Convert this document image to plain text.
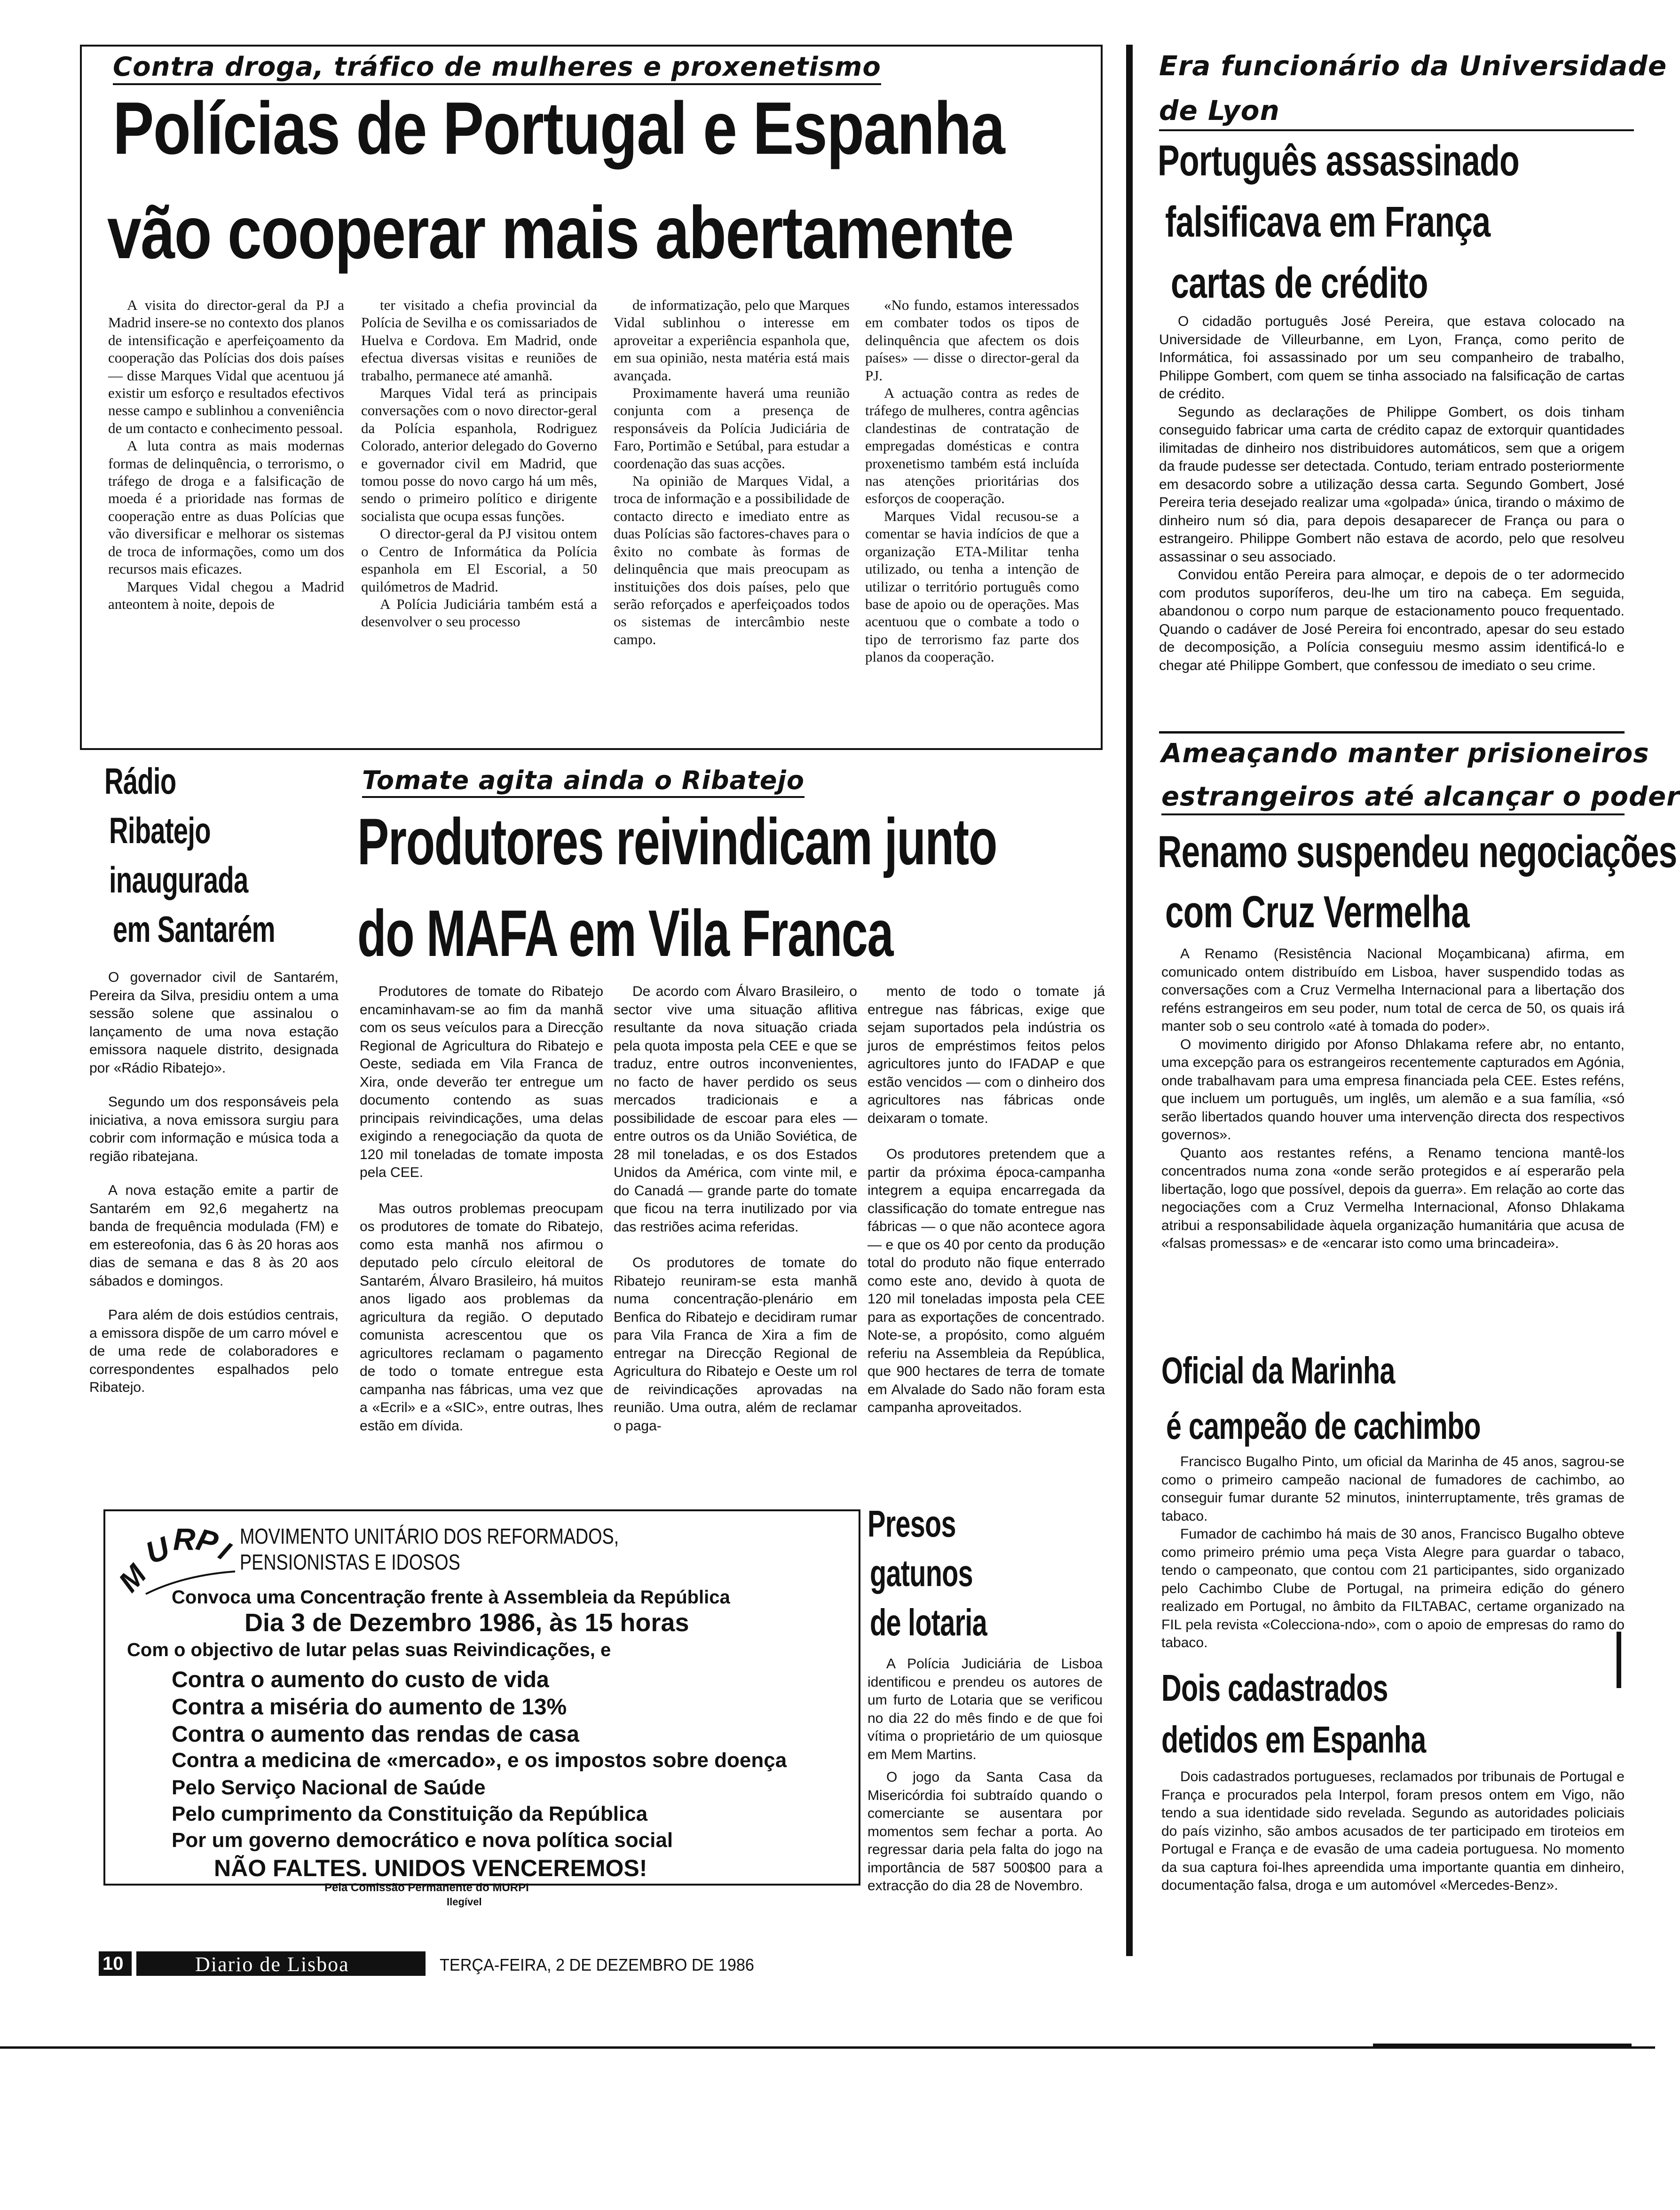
Contra droga, tráfico de mulheres e proxenetismo
Polícias de Portugal e Espanha
vão cooperar mais abertamente

A visita do director-geral da PJ a Madrid insere-se no contexto dos planos de intensificação e aperfeiçoamento da cooperação das Polícias dos dois países — disse Marques Vidal que acentuou já existir um esforço e resultados efectivos nesse campo e sublinhou a conveniência de um contacto e conhecimento pessoal.

A luta contra as mais modernas formas de delinquência, o terrorismo, o tráfego de droga e a falsificação de moeda é a prioridade nas formas de cooperação entre as duas Polícias que vão diversificar e melhorar os sistemas de troca de informações, como um dos recursos mais eficazes.

Marques Vidal chegou a Madrid anteontem à noite, depois de

ter visitado a chefia provincial da Polícia de Sevilha e os comissariados de Huelva e Cordova. Em Madrid, onde efectua diversas visitas e reuniões de trabalho, permanece até amanhã.

Marques Vidal terá as principais conversações com o novo director-geral da Polícia espanhola, Rodriguez Colorado, anterior delegado do Governo e governador civil em Madrid, que tomou posse do novo cargo há um mês, sendo o primeiro político e dirigente socialista que ocupa essas funções.

O director-geral da PJ visitou ontem o Centro de Informática da Polícia espanhola em El Escorial, a 50 quilómetros de Madrid.

A Polícia Judiciária também está a desenvolver o seu processo

de informatização, pelo que Marques Vidal sublinhou o interesse em aproveitar a experiência espanhola que, em sua opinião, nesta matéria está mais avançada.

Proximamente haverá uma reunião conjunta com a presença de responsáveis da Polícia Judiciária de Faro, Portimão e Setúbal, para estudar a coordenação das suas acções.

Na opinião de Marques Vidal, a troca de informação e a possibilidade de contacto directo e imediato entre as duas Polícias são factores-chaves para o êxito no combate às formas de delinquência que mais preocupam as instituições dos dois países, pelo que serão reforçados e aperfeiçoados todos os sistemas de intercâmbio neste campo.

«No fundo, estamos interessados em combater todos os tipos de delinquência que afectem os dois países» — disse o director-geral da PJ.

A actuação contra as redes de tráfego de mulheres, contra agências clandestinas de contratação de empregadas domésticas e contra proxenetismo também está incluída nas atenções prioritárias dos esforços de cooperação.

Marques Vidal recusou-se a comentar se havia indícios de que a organização ETA-Militar tenha utilizado, ou tenha a intenção de utilizar o território português como base de apoio ou de operações. Mas acentuou que o combate a todo o tipo de terrorismo faz parte dos planos da cooperação.

Era funcionário da Universidade
de Lyon
Português assassinado
falsificava em França
cartas de crédito

O cidadão português José Pereira, que estava colocado na Universidade de Villeurbanne, em Lyon, França, como perito de Informática, foi assassinado por um seu companheiro de trabalho, Philippe Gombert, com quem se tinha associado na falsificação de cartas de crédito.

Segundo as declarações de Philippe Gombert, os dois tinham conseguido fabricar uma carta de crédito capaz de extorquir quantidades ilimitadas de dinheiro nos distribuidores automáticos, sem que a origem da fraude pudesse ser detectada. Contudo, teriam entrado posteriormente em desacordo sobre a utilização dessa carta. Segundo Gombert, José Pereira teria desejado realizar uma «golpada» única, tirando o máximo de dinheiro num só dia, para depois desaparecer de França ou para o estrangeiro. Philippe Gombert não estava de acordo, pelo que resolveu assassinar o seu associado.

Convidou então Pereira para almoçar, e depois de o ter adormecido com produtos suporíferos, deu-lhe um tiro na cabeça. Em seguida, abandonou o corpo num parque de estacionamento pouco frequentado. Quando o cadáver de José Pereira foi encontrado, apesar do seu estado de decomposição, a Polícia conseguiu mesmo assim identificá-lo e chegar até Philippe Gombert, que confessou de imediato o seu crime.

Ameaçando manter prisioneiros
estrangeiros até alcançar o poder
Renamo suspendeu negociações
com Cruz Vermelha

A Renamo (Resistência Nacional Moçambicana) afirma, em comunicado ontem distribuído em Lisboa, haver suspendido todas as conversações com a Cruz Vermelha Internacional para a libertação dos reféns estrangeiros em seu poder, num total de cerca de 50, os quais irá manter sob o seu controlo «até à tomada do poder».

O movimento dirigido por Afonso Dhlakama refere abr, no entanto, uma excepção para os estrangeiros recentemente capturados em Agónia, onde trabalhavam para uma empresa financiada pela CEE. Estes reféns, que incluem um português, um inglês, um alemão e a sua família, «só serão libertados quando houver uma intervenção directa dos respectivos governos».

Quanto aos restantes reféns, a Renamo tenciona mantê-los concentrados numa zona «onde serão protegidos e aí esperarão pela libertação, logo que possível, depois da guerra». Em relação ao corte das negociações com a Cruz Vermelha Internacional, Afonso Dhlakama atribui a responsabilidade àquela organização humanitária que acusa de «falsas promessas» e de «encarar isto como uma brincadeira».

Oficial da Marinha
é campeão de cachimbo

Francisco Bugalho Pinto, um oficial da Marinha de 45 anos, sagrou-se como o primeiro campeão nacional de fumadores de cachimbo, ao conseguir fumar durante 52 minutos, ininterruptamente, três gramas de tabaco.

Fumador de cachimbo há mais de 30 anos, Francisco Bugalho obteve como primeiro prémio uma peça Vista Alegre para guardar o tabaco, tendo o campeonato, que contou com 21 participantes, sido organizado pelo Cachimbo Clube de Portugal, na primeira edição do género realizado em Portugal, no âmbito da FILTABAC, certame organizado na FIL pela revista «Colecciona-ndo», com o apoio de empresas do ramo do tabaco.

Dois cadastrados
detidos em Espanha

Dois cadastrados portugueses, reclamados por tribunais de Portugal e França e procurados pela Interpol, foram presos ontem em Vigo, não tendo a sua identidade sido revelada. Segundo as autoridades policiais do país vizinho, são ambos acusados de ter participado em tiroteios em Portugal e França e de evasão de uma cadeia portuguesa. No momento da sua captura foi-lhes apreendida uma importante quantia em dinheiro, documentação falsa, droga e um automóvel «Mercedes-Benz».

Rádio
Ribatejo
inaugurada
em Santarém

O governador civil de Santarém, Pereira da Silva, presidiu ontem a uma sessão solene que assinalou o lançamento de uma nova estação emissora naquele distrito, designada por «Rádio Ribatejo».

Segundo um dos responsáveis pela iniciativa, a nova emissora surgiu para cobrir com informação e música toda a região ribatejana.

A nova estação emite a partir de Santarém em 92,6 megahertz na banda de frequência modulada (FM) e em estereofonia, das 6 às 20 horas aos dias de semana e das 8 às 20 aos sábados e domingos.

Para além de dois estúdios centrais, a emissora dispõe de um carro móvel e de uma rede de colaboradores e correspondentes espalhados pelo Ribatejo.

Tomate agita ainda o Ribatejo
Produtores reivindicam junto
do MAFA em Vila Franca

Produtores de tomate do Ribatejo encaminhavam-se ao fim da manhã com os seus veículos para a Direcção Regional de Agricultura do Ribatejo e Oeste, sediada em Vila Franca de Xira, onde deverão ter entregue um documento contendo as suas principais reivindicações, uma delas exigindo a renegociação da quota de 120 mil toneladas de tomate imposta pela CEE.

Mas outros problemas preocupam os produtores de tomate do Ribatejo, como esta manhã nos afirmou o deputado pelo círculo eleitoral de Santarém, Álvaro Brasileiro, há muitos anos ligado aos problemas da agricultura da região. O deputado comunista acrescentou que os agricultores reclamam o pagamento de todo o tomate entregue esta campanha nas fábricas, uma vez que a «Ecril» e a «SIC», entre outras, lhes estão em dívida.

De acordo com Álvaro Brasileiro, o sector vive uma situação aflitiva resultante da nova situação criada pela quota imposta pela CEE e que se traduz, entre outros inconvenientes, no facto de haver perdido os seus mercados tradicionais e a possibilidade de escoar para eles — entre outros os da União Soviética, de 28 mil toneladas, e os dos Estados Unidos da América, com vinte mil, e do Canadá — grande parte do tomate que ficou na terra inutilizado por via das restriões acima referidas.

Os produtores de tomate do Ribatejo reuniram-se esta manhã numa concentração-plenário em Benfica do Ribatejo e decidiram rumar para Vila Franca de Xira a fim de entregar na Direcção Regional de Agricultura do Ribatejo e Oeste um rol de reivindicações aprovadas na reunião. Uma outra, além de reclamar o paga-

mento de todo o tomate já entregue nas fábricas, exige que sejam suportados pela indústria os juros de empréstimos feitos pelos agricultores junto do IFADAP e que estão vencidos — com o dinheiro dos agricultores nas fábricas onde deixaram o tomate.

Os produtores pretendem que a partir da próxima época-campanha integrem a equipa encarregada da classificação do tomate entregue nas fábricas — o que não acontece agora — e que os 40 por cento da produção total do produto não fique enterrado como este ano, devido à quota de 120 mil toneladas imposta pela CEE para as exportações de concentrado. Note-se, a propósito, como alguém referiu na Assembleia da República, que 900 hectares de terra de tomate em Alvalade do Sado não foram esta campanha aproveitados.

Presos
gatunos
de lotaria

A Polícia Judiciária de Lisboa identificou e prendeu os autores de um furto de Lotaria que se verificou no dia 22 do mês findo e de que foi vítima o proprietário de um quiosque em Mem Martins.

O jogo da Santa Casa da Misericórdia foi subtraído quando o comerciante se ausentara por momentos sem fechar a porta. Ao regressar daria pela falta do jogo na importância de 587 500$00 para a extracção do dia 28 de Novembro.

M
U
R
P
I MOVIMENTO UNITÁRIO DOS REFORMADOS,
PENSIONISTAS E IDOSOS
Convoca uma Concentração frente à Assembleia da República
Dia 3 de Dezembro 1986, às 15 horas
Com o objectivo de lutar pelas suas Reivindicações, e
Contra o aumento do custo de vida
Contra a miséria do aumento de 13%
Contra o aumento das rendas de casa
Contra a medicina de «mercado», e os impostos sobre doença
Pelo Serviço Nacional de Saúde
Pelo cumprimento da Constituição da República
Por um governo democrático e nova política social
NÃO FALTES. UNIDOS VENCEREMOS!
Pela Comissão Permanente do MURPI
Ilegível
10	Diario de Lisboa	TERÇA-FEIRA, 2 DE DEZEMBRO DE 1986
